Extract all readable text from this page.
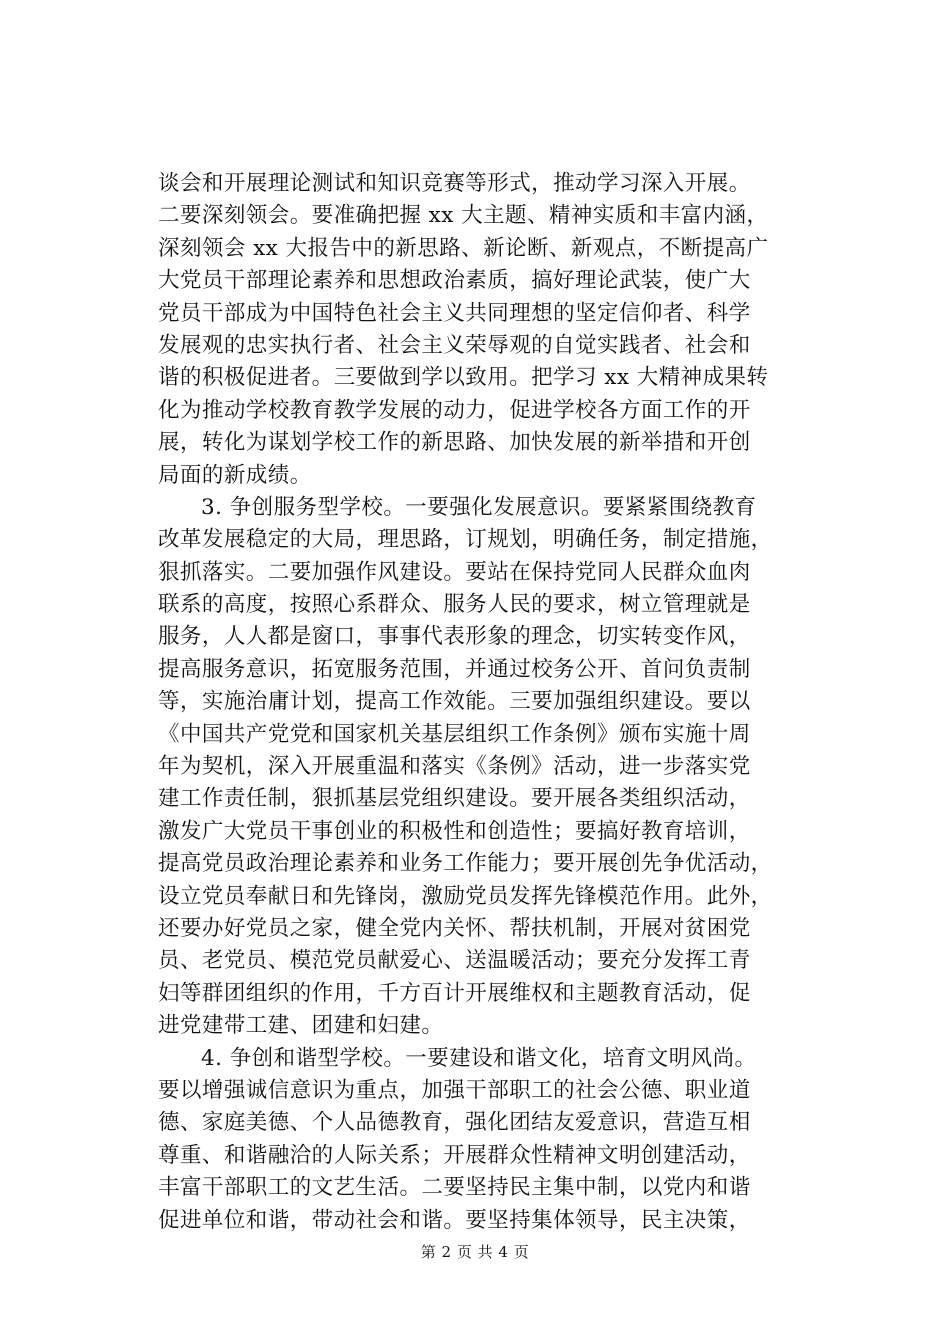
谈会和开展理论测试和知识竞赛等形式，推动学习深入开展。
二要深刻领会。要准确把握 xx 大主题、精神实质和丰富内涵，
深刻领会 xx 大报告中的新思路、新论断、新观点，不断提高广
大党员干部理论素养和思想政治素质，搞好理论武装，使广大
党员干部成为中国特色社会主义共同理想的坚定信仰者、科学
发展观的忠实执行者、社会主义荣辱观的自觉实践者、社会和
谐的积极促进者。三要做到学以致用。把学习 xx 大精神成果转
化为推动学校教育教学发展的动力，促进学校各方面工作的开
展，转化为谋划学校工作的新思路、加快发展的新举措和开创
局面的新成绩。
3. 争创服务型学校。一要强化发展意识。要紧紧围绕教育
改革发展稳定的大局，理思路，订规划，明确任务，制定措施，
狠抓落实。二要加强作风建设。要站在保持党同人民群众血肉
联系的高度，按照心系群众、服务人民的要求，树立管理就是
服务，人人都是窗口，事事代表形象的理念，切实转变作风，
提高服务意识，拓宽服务范围，并通过校务公开、首问负责制
等，实施治庸计划，提高工作效能。三要加强组织建设。要以
《中国共产党党和国家机关基层组织工作条例》颁布实施十周
年为契机，深入开展重温和落实《条例》活动，进一步落实党
建工作责任制，狠抓基层党组织建设。要开展各类组织活动，
激发广大党员干事创业的积极性和创造性；要搞好教育培训，
提高党员政治理论素养和业务工作能力；要开展创先争优活动，
设立党员奉献日和先锋岗，激励党员发挥先锋模范作用。此外，
还要办好党员之家，健全党内关怀、帮扶机制，开展对贫困党
员、老党员、模范党员献爱心、送温暖活动；要充分发挥工青
妇等群团组织的作用，千方百计开展维权和主题教育活动，促
进党建带工建、团建和妇建。
4. 争创和谐型学校。一要建设和谐文化，培育文明风尚。
要以增强诚信意识为重点，加强干部职工的社会公德、职业道
德、家庭美德、个人品德教育，强化团结友爱意识，营造互相
尊重、和谐融洽的人际关系；开展群众性精神文明创建活动，
丰富干部职工的文艺生活。二要坚持民主集中制，以党内和谐
促进单位和谐，带动社会和谐。要坚持集体领导，民主决策，
第 2 页 共 4 页
